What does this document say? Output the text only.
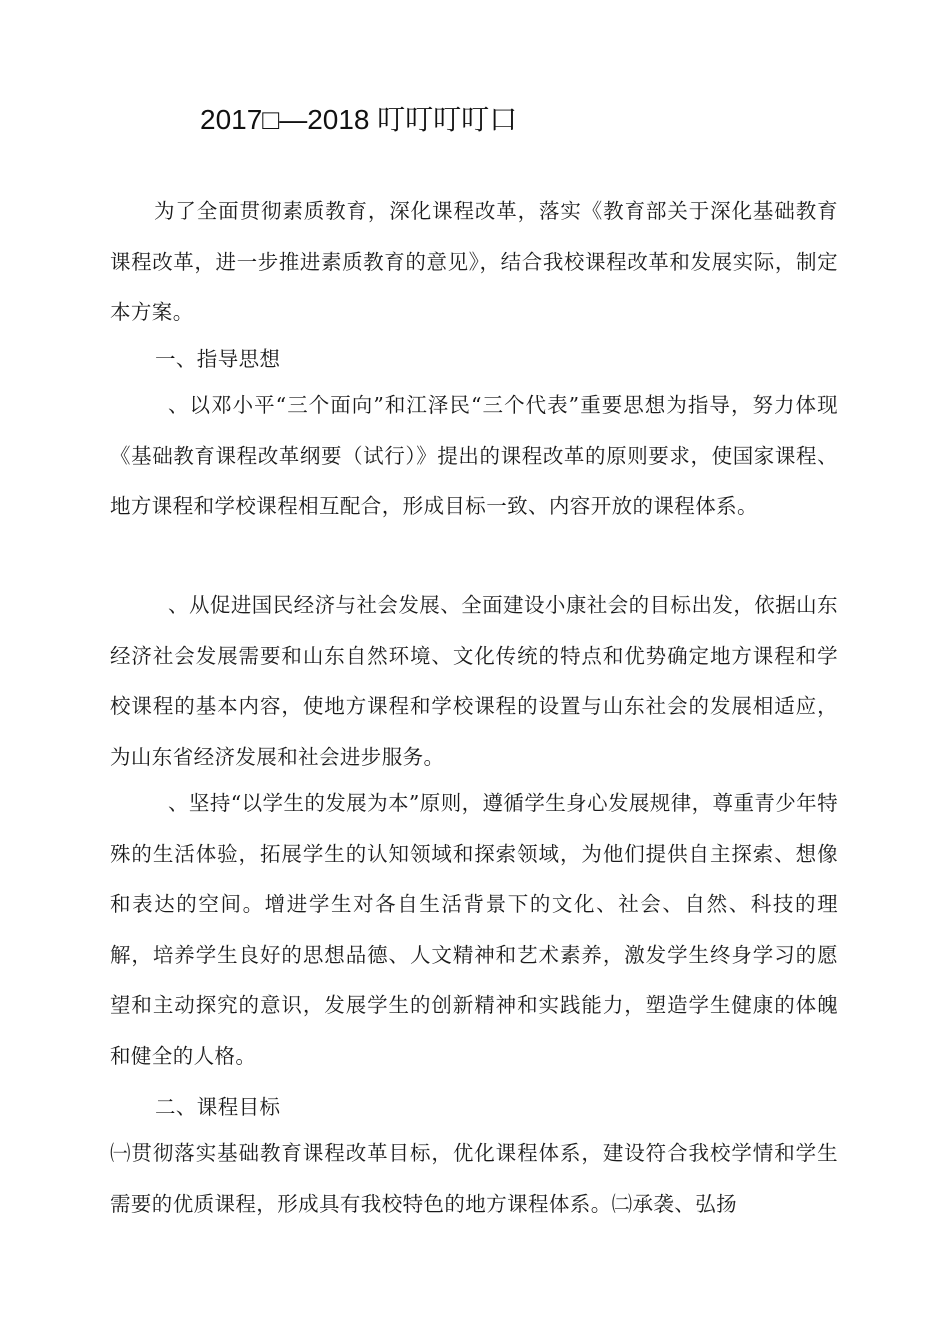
2017□—2018 叮叮叮叮口

为了全面贯彻素质教育，深化课程改革，落实《教育部关于深化基础教育课程改革，进一步推进素质教育的意见》，结合我校课程改革和发展实际，制定本方案。

一、指导思想

、以邓小平“三个面向”和江泽民“三个代表”重要思想为指导，努力体现《基础教育课程改革纲要（试行）》提出的课程改革的原则要求，使国家课程、地方课程和学校课程相互配合，形成目标一致、内容开放的课程体系。

、从促进国民经济与社会发展、全面建设小康社会的目标出发，依据山东经济社会发展需要和山东自然环境、文化传统的特点和优势确定地方课程和学校课程的基本内容，使地方课程和学校课程的设置与山东社会的发展相适应，为山东省经济发展和社会进步服务。

、坚持“以学生的发展为本”原则，遵循学生身心发展规律，尊重青少年特殊的生活体验，拓展学生的认知领域和探索领域，为他们提供自主探索、想像和表达的空间。增进学生对各自生活背景下的文化、社会、自然、科技的理解，培养学生良好的思想品德、人文精神和艺术素养，激发学生终身学习的愿望和主动探究的意识，发展学生的创新精神和实践能力，塑造学生健康的体魄和健全的人格。

二、课程目标

㈠贯彻落实基础教育课程改革目标，优化课程体系，建设符合我校学情和学生需要的优质课程，形成具有我校特色的地方课程体系。㈡承袭、弘扬
